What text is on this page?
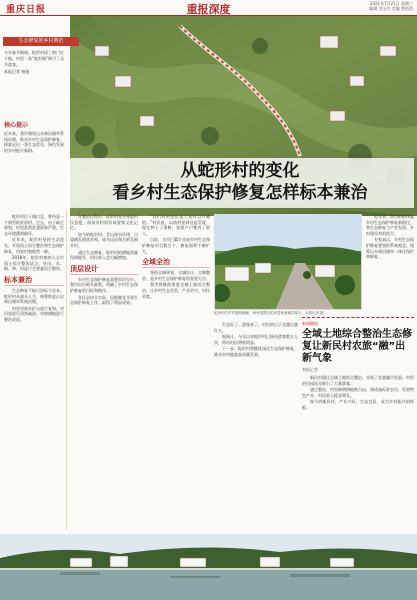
重庆日报	重报深度	2021年7月21日 星期三
编辑 刘玉玲 美编 曾依韵
生态修复的乡村典范
今年春节期间，蛇形村成了热门打卡地，村里一条“蛇形路”吸引了众多游客。
本报记者 杨骏
核心提示
近年来，我市聚焦山水林田湖草系统治理，推动乡村生态保护修复，探索走出一条生态优先、绿色发展的乡村振兴新路。
从蛇形村的变化
看乡村生态保护修复怎样标本兼治

蛇形村位于城口县，曾经是一个典型的贫困村。过去，由于缺乏规划，村里乱搭乱建现象严重，生态环境遭到破坏。

近年来，蛇形村坚持生态优先，开展国土综合整治和生态保护修复，村容村貌焕然一新。

2018年，蛇形村被纳入全市国土综合整治试点，对田、水、路、林、村进行全要素综合整治。

标本兼治

生态修复不能只治标不治本。蛇形村从源头入手，统筹推进山水林田湖草系统治理。

村里对废弃矿山进行复绿，对河道进行清淤疏浚，对坡耕地进行整治改造。

在整治过程中，蛇形村充分尊重村民意愿，保留乡村原有风貌和文化记忆。

如今的蛇形村，青山绿水环绕，白墙黛瓦错落有致，成为远近闻名的美丽乡村。

通过生态修复，蛇形村的耕地质量得到提升，村民收入也大幅增加。

顶层设计

乡村生态保护修复需要顶层设计。我市出台相关政策，明确了乡村生态保护修复的目标和路径。

各区县结合实际，因地制宜开展生态保护修复工作，取得了明显成效。

“我们村的变化是大家有目共睹的。”村民说，以前村里到处是荒坡，现在种上了果树，家家户户都有了收入。

目前，全市已累计完成乡村生态保护修复项目数百个，修复面积不断扩大。

全域全治

坚持全域规划、全域设计、全域整治，是乡村生态保护修复的重要方法。

我市将继续推进全域土地综合整治，让乡村生态更美、产业更兴、村民更富。

蛇形村的乡村道路蜿蜒，两旁是整洁的民居和葱郁的林木。本报记者 摄

生态好了，游客来了，村民的日子也越过越红火。

据统计，今年以来蛇形村已接待游客数万人次，带动村民增收明显。

下一步，蛇形村将继续深化生态保护修复，推动乡村旅游高质量发展。

近年来，我市积极探索乡村生态保护修复新路径，将生态修复与产业发展、乡村建设有机结合。

专家表示，乡村生态保护修复要坚持系统观念，统筹山水林田湖草一体化保护和修复。

新闻链接
全域土地综合整治生态修复让新民村农旅“融”出新气象
本报记者

新民村通过全域土地综合整治，实现了农旅融合发展，村里的田园风光吸引了大量游客。

通过整治，村里新增耕地数百亩，建成高标准农田，发展特色产业，村民收入稳步增长。

如今的新民村，产业兴旺、生态宜居，成为乡村振兴的样板。
